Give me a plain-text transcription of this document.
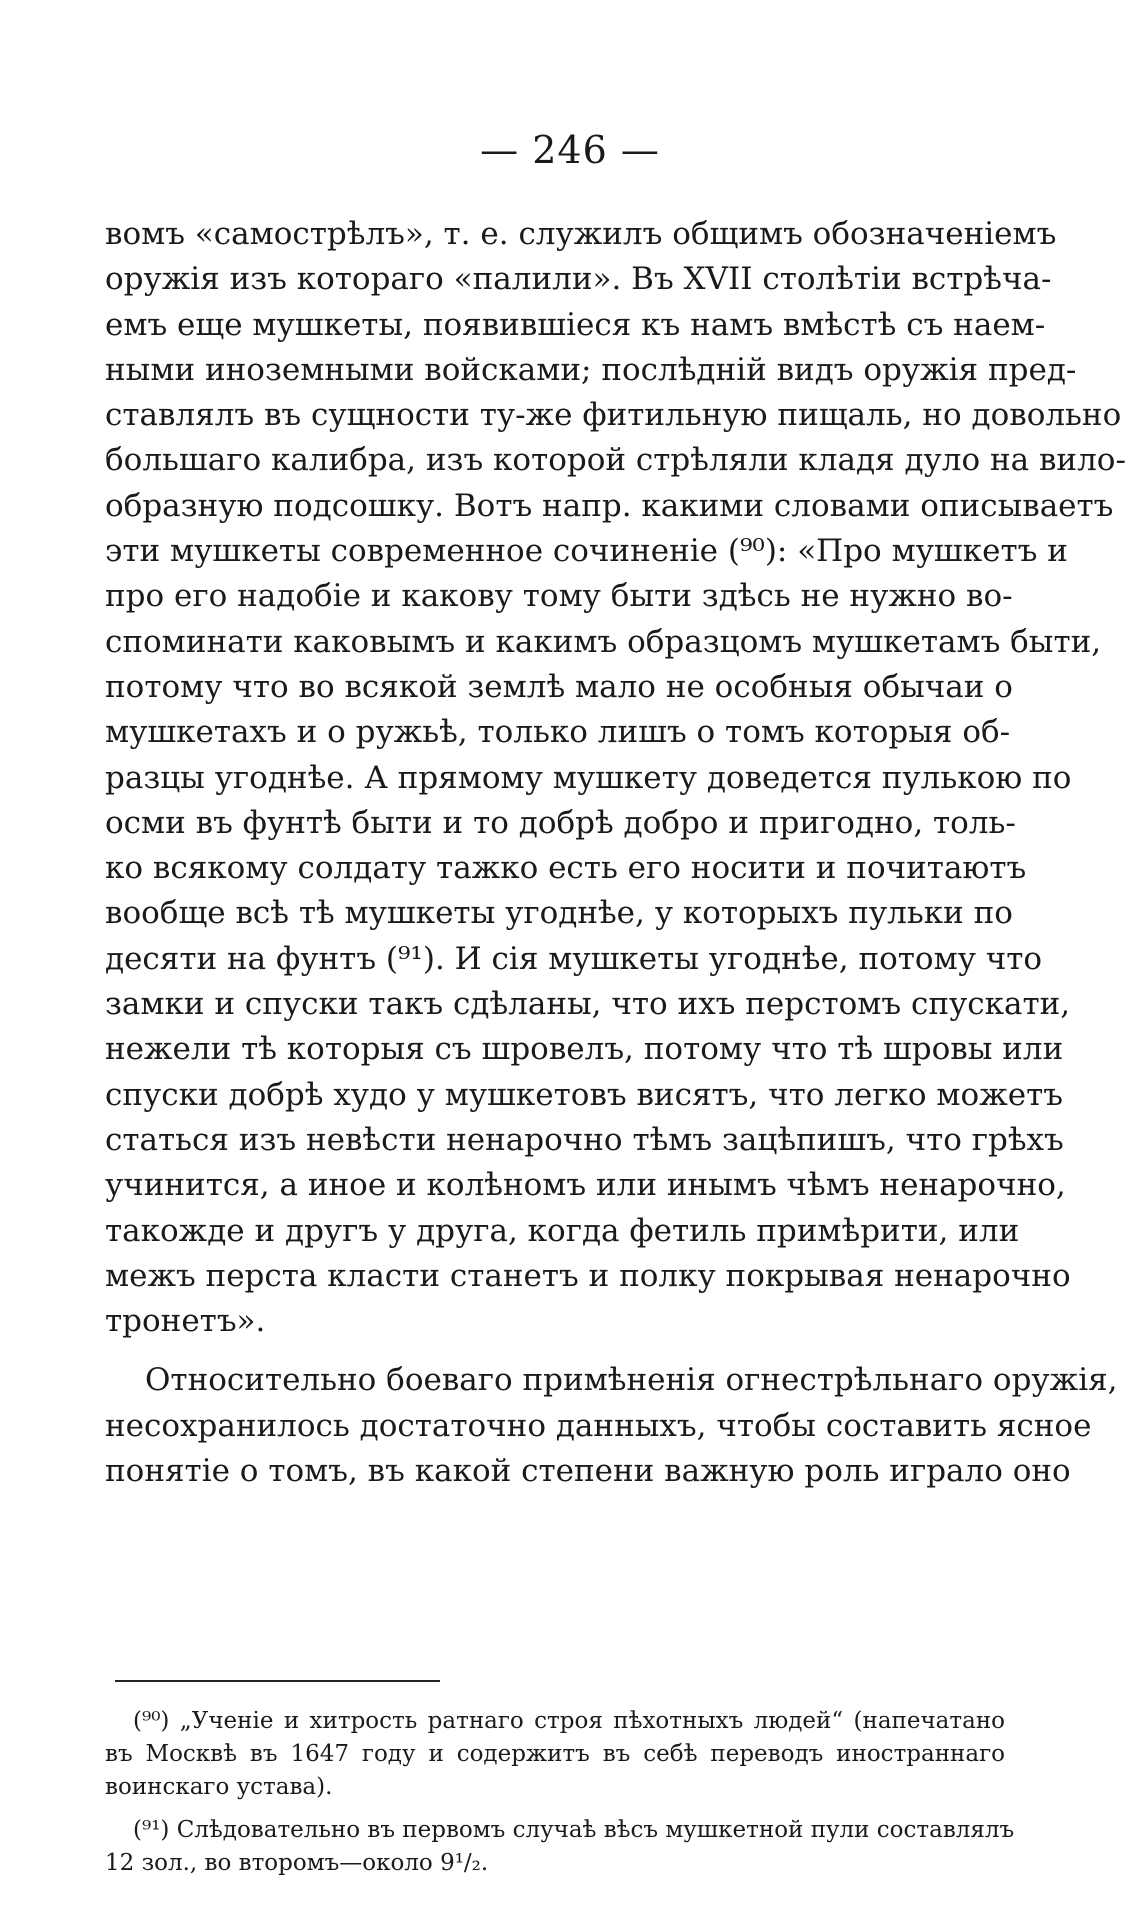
— 246 —
вомъ «самострѣлъ», т. е. служилъ общимъ обозначеніемъ
оружія изъ котораго «палили». Въ XVII столѣтіи встрѣча-
емъ еще мушкеты, появившіеся къ намъ вмѣстѣ съ наем-
ными иноземными войсками; послѣдній видъ оружія пред-
ставлялъ въ сущности ту-же фитильную пищаль, но довольно
большаго калибра, изъ которой стрѣляли кладя дуло на вило-
образную подсошку. Вотъ напр. какими словами описываетъ
эти мушкеты современное сочиненіе (⁹⁰): «Про мушкетъ и
про его надобіе и какову тому быти здѣсь не нужно во-
споминати каковымъ и какимъ образцомъ мушкетамъ быти,
потому что во всякой землѣ мало не особныя обычаи о
мушкетахъ и о ружьѣ, только лишъ о томъ которыя об-
разцы угоднѣе. А прямому мушкету доведется пулькою по
осми въ фунтѣ быти и то добрѣ добро и пригодно, толь-
ко всякому солдату тажко есть его носити и почитаютъ
вообще всѣ тѣ мушкеты угоднѣе, у которыхъ пульки по
десяти на фунтъ (⁹¹). И сія мушкеты угоднѣе, потому что
замки и спуски такъ сдѣланы, что ихъ перстомъ спускати,
нежели тѣ которыя съ шровелъ, потому что тѣ шровы или
спуски добрѣ худо у мушкетовъ висятъ, что легко можетъ
статься изъ невѣсти ненарочно тѣмъ зацѣпишъ, что грѣхъ
учинится, а иное и колѣномъ или инымъ чѣмъ ненарочно,
такожде и другъ у друга, когда фетиль примѣрити, или
межъ перста класти станетъ и полку покрывая ненарочно
тронетъ».
Относительно боеваго примѣненія огнестрѣльнаго оружія,
несохранилось достаточно данныхъ, чтобы составить ясное
понятіе о томъ, въ какой степени важную роль играло оно
(⁹⁰) „Ученіе и хитрость ратнаго строя пѣхотныхъ людей“ (напечатано
въ Москвѣ въ 1647 году и содержитъ въ себѣ переводъ иностраннаго
воинскаго устава).
(⁹¹) Слѣдовательно въ первомъ случаѣ вѣсъ мушкетной пули составлялъ
12 зол., во второмъ—около 9¹/₂.
